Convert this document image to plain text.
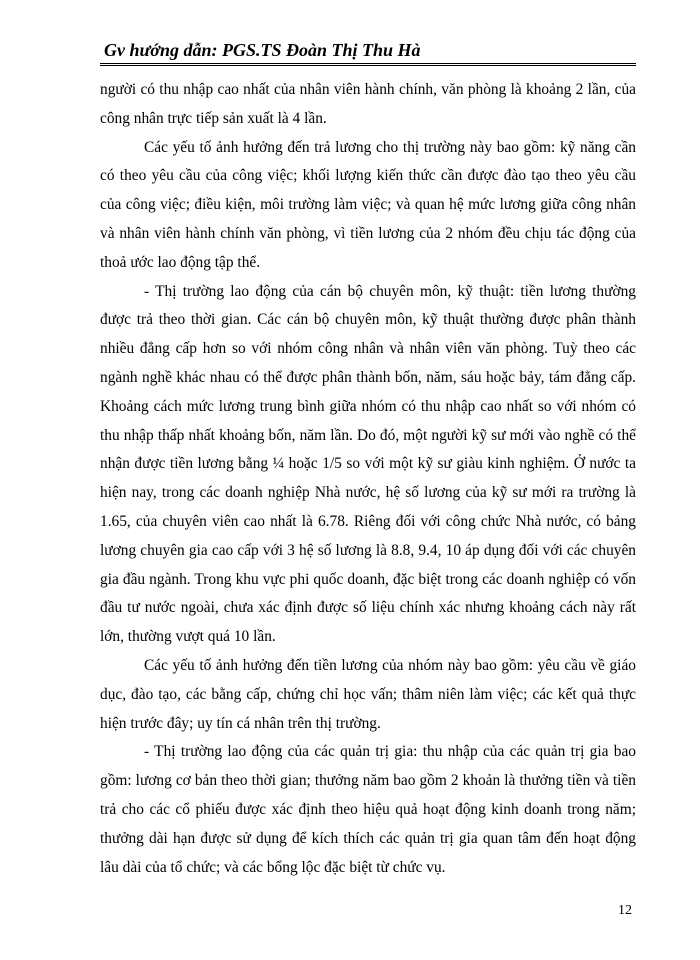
Gv hướng dẫn: PGS.TS Đoàn Thị Thu Hà

người có thu nhập cao nhất của nhân viên hành chính, văn phòng là khoảng 2 lần, của công nhân trực tiếp sản xuất là 4 lần.

Các yếu tố ảnh hưởng đến trả lương cho thị trường này bao gồm: kỹ năng cần có theo yêu cầu của công việc; khối lượng kiến thức cần được đào tạo theo yêu cầu của công việc; điều kiện, môi trường làm việc; và quan hệ mức lương giữa công nhân và nhân viên hành chính văn phòng, vì tiền lương của 2 nhóm đều chịu tác động của thoả ước lao động tập thể.

- Thị trường lao động của cán bộ chuyên môn, kỹ thuật: tiền lương thường được trả theo thời gian. Các cán bộ chuyên môn, kỹ thuật thường được phân thành nhiều đẳng cấp hơn so với nhóm công nhân và nhân viên văn phòng. Tuỳ theo các ngành nghề khác nhau có thể được phân thành bốn, năm, sáu hoặc bảy, tám đẳng cấp. Khoảng cách mức lương trung bình giữa nhóm có thu nhập cao nhất so với nhóm có thu nhập thấp nhất khoảng bốn, năm lần. Do đó, một người kỹ sư mới vào nghề có thể nhận được tiền lương bằng ¼ hoặc 1/5 so với một kỹ sư giàu kinh nghiệm. Ở nước ta hiện nay, trong các doanh nghiệp Nhà nước, hệ số lương của kỹ sư mới ra trường là 1.65, của chuyên viên cao nhất là 6.78. Riêng đối với công chức Nhà nước, có bảng lương chuyên gia cao cấp với 3 hệ số lương là 8.8, 9.4, 10 áp dụng đối với các chuyên gia đầu ngành. Trong khu vực phi quốc doanh, đặc biệt trong các doanh nghiệp có vốn đầu tư nước ngoài, chưa xác định được số liệu chính xác nhưng khoảng cách này rất lớn, thường vượt quá 10 lần.

Các yếu tố ảnh hưởng đến tiền lương của nhóm này bao gồm: yêu cầu về giáo dục, đào tạo, các bằng cấp, chứng chỉ học vấn; thâm niên làm việc; các kết quả thực hiện trước đây; uy tín cá nhân trên thị trường.

- Thị trường lao động của các quản trị gia: thu nhập của các quản trị gia bao gồm: lương cơ bản theo thời gian; thưởng năm bao gồm 2 khoản là thưởng tiền và tiền trả cho các cổ phiếu được xác định theo hiệu quả hoạt động kinh doanh trong năm; thưởng dài hạn được sử dụng để kích thích các quản trị gia quan tâm đến hoạt động lâu dài của tổ chức; và các bổng lộc đặc biệt từ chức vụ.

12
